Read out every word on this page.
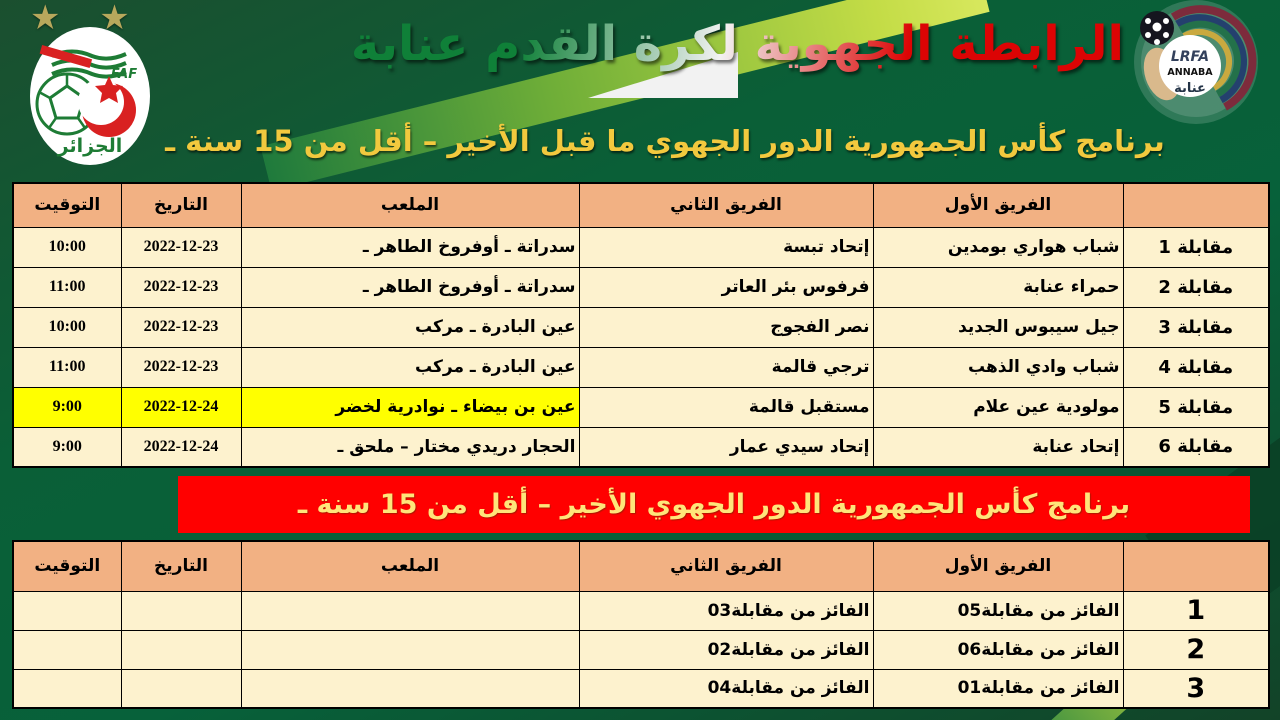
★ ★
FAF
الجزائر
الرابطة الجهوية لكرة القدم عنابة
برنامج كأس الجمهورية الدور الجهوي ما قبل الأخير – أقل من 15 سنة ـ
LRFA
ANNABA
عنابة
	الفريق الأول	الفريق الثاني	الملعب	التاريخ	التوقيت
مقابلة 1	شباب هواري بومدين	إتحاد تبسة	سدراتة ـ أوفروخ الطاهر ـ	2022-12-23	10:00
مقابلة 2	حمراء عنابة	فرفوس بئر العاتر	سدراتة ـ أوفروخ الطاهر ـ	2022-12-23	11:00
مقابلة 3	جيل سيبوس الجديد	نصر الفجوج	عين البادرة ـ مركب	2022-12-23	10:00
مقابلة 4	شباب وادي الذهب	ترجي قالمة	عين البادرة ـ مركب	2022-12-23	11:00
مقابلة 5	مولودية عين علام	مستقبل قالمة	عين بن بيضاء ـ نوادرية لخضر	2022-12-24	9:00
مقابلة 6	إتحاد عنابة	إتحاد سيدي عمار	الحجار دريدي مختار – ملحق ـ	2022-12-24	9:00
برنامج كأس الجمهورية الدور الجهوي الأخير – أقل من 15 سنة ـ
	الفريق الأول	الفريق الثاني	الملعب	التاريخ	التوقيت
1	الفائز من مقابلة05	الفائز من مقابلة03			
2	الفائز من مقابلة06	الفائز من مقابلة02			
3	الفائز من مقابلة01	الفائز من مقابلة04			
